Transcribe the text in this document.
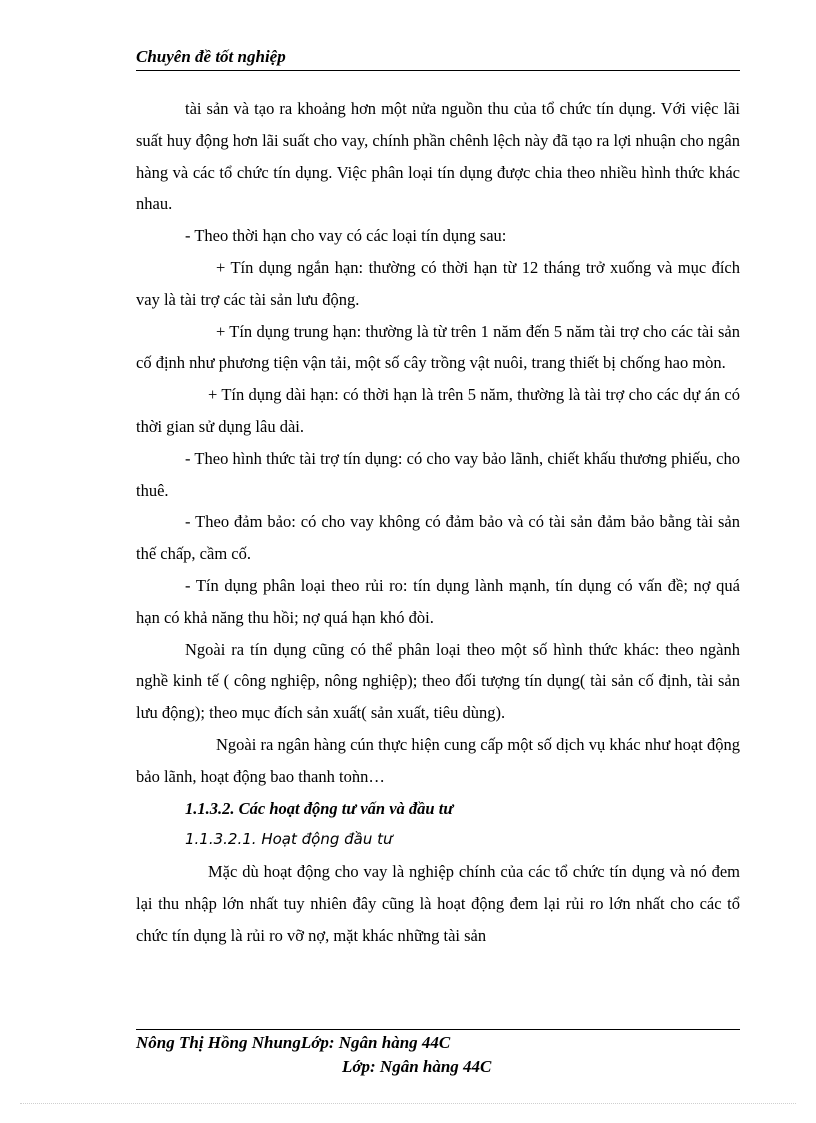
Chuyên đề tốt nghiệp

tài sản và tạo ra khoảng hơn một nửa nguồn thu của tổ chức tín dụng. Với việc lãi suất huy động hơn lãi suất cho vay, chính phần chênh lệch này đã tạo ra lợi nhuận cho ngân hàng và các tổ chức tín dụng. Việc phân loại tín dụng được chia theo nhiều hình thức khác nhau.

- Theo thời hạn cho vay có các loại tín dụng sau:

+ Tín dụng ngắn hạn: thường có thời hạn từ 12 tháng trở xuống và mục đích vay là tài trợ các tài sản lưu động.

+ Tín dụng trung hạn: thường là từ trên 1 năm đến 5 năm tài trợ cho các tài sản cố định như phương tiện vận tải, một số cây trồng vật nuôi, trang thiết bị chống hao mòn.

+ Tín dụng dài hạn: có thời hạn là trên 5 năm, thường là tài trợ cho các dự án có thời gian sử dụng lâu dài.

- Theo hình thức tài trợ tín dụng: có cho vay bảo lãnh, chiết khấu thương phiếu, cho thuê.

- Theo đảm bảo: có cho vay không có đảm bảo và có tài sản đảm bảo bằng tài sản thế chấp, cầm cố.

- Tín dụng phân loại theo rủi ro: tín dụng lành mạnh, tín dụng có vấn đề; nợ quá hạn có khả năng thu hồi; nợ quá hạn khó đòi.

Ngoài ra tín dụng cũng có thể phân loại theo một số hình thức khác: theo ngành nghề kinh tế ( công nghiệp, nông nghiệp); theo đối tượng tín dụng( tài sản cố định, tài sản lưu động); theo mục đích sản xuất( sản xuất, tiêu dùng).

Ngoài ra ngân hàng cún thực hiện cung cấp một số dịch vụ khác như hoạt động bảo lãnh, hoạt động bao thanh toǹn…

1.1.3.2. Các hoạt động tư vấn và đầu tư

1.1.3.2.1. Hoạt động đầu tư

Mặc dù hoạt động cho vay là nghiệp chính của các tổ chức tín dụng và nó đem lại thu nhập lớn nhất tuy nhiên đây cũng là hoạt động đem lại rủi ro lớn nhất cho các tổ chức tín dụng là rủi ro vỡ nợ, mặt khác những tài sản

Nông Thị Hồng NhungLớp: Ngân hàng 44C
Lớp: Ngân hàng 44C
